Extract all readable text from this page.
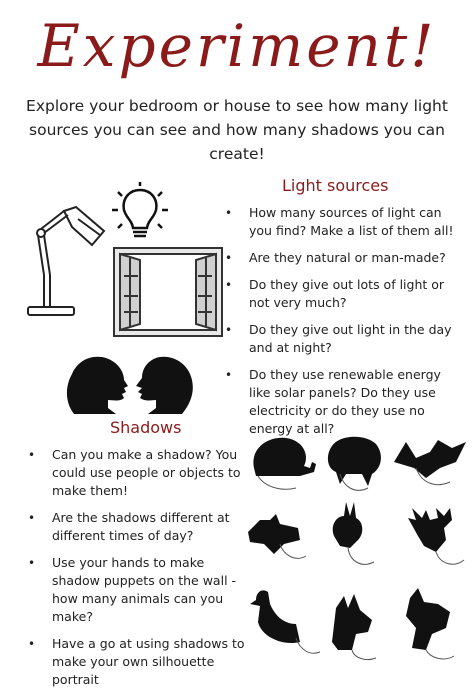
Experiment!
Explore your bedroom or house to see how many light sources you can see and how many shadows you can create!
Light sources
• How many sources of light can you find? Make a list of them all!
• Are they natural or man-made?
• Do they give out lots of light or not very much?
• Do they give out light in the day and at night?
• Do they use renewable energy like solar panels? Do they use electricity or do they use no energy at all?
Shadows
• Can you make a shadow? You could use people or objects to make them!
• Are the shadows different at different times of day?
• Use your hands to make shadow puppets on the wall - how many animals can you make?
• Have a go at using shadows to make your own silhouette portrait
